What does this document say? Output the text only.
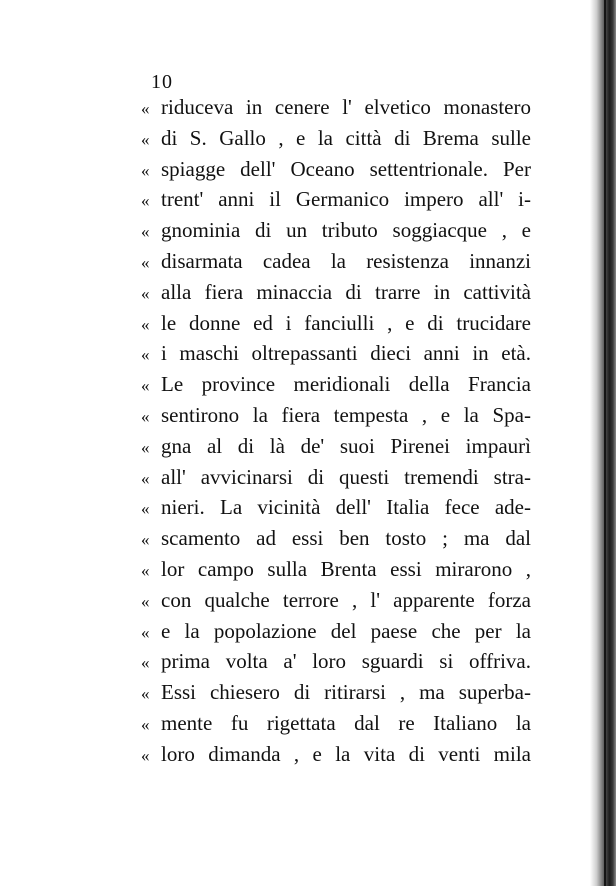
10
« riduceva in cenere l' elvetico monastero
« di S. Gallo , e la città di Brema sulle
« spiagge dell' Oceano settentrionale. Per
« trent' anni il Germanico impero all' i-
« gnominia di un tributo soggiacque , e
« disarmata cadea la resistenza innanzi
« alla fiera minaccia di trarre in cattività
« le donne ed i fanciulli , e di trucidare
« i maschi oltrepassanti dieci anni in età.
« Le province meridionali della Francia
« sentirono la fiera tempesta , e la Spa-
« gna al di là de' suoi Pirenei impaurì
« all' avvicinarsi di questi tremendi stra-
« nieri. La vicinità dell' Italia fece ade-
« scamento ad essi ben tosto ; ma dal
« lor campo sulla Brenta essi mirarono ,
« con qualche terrore , l' apparente forza
« e la popolazione del paese che per la
« prima volta a' loro sguardi si offriva.
« Essi chiesero di ritirarsi , ma superba-
« mente fu rigettata dal re Italiano la
« loro dimanda , e la vita di venti mila
